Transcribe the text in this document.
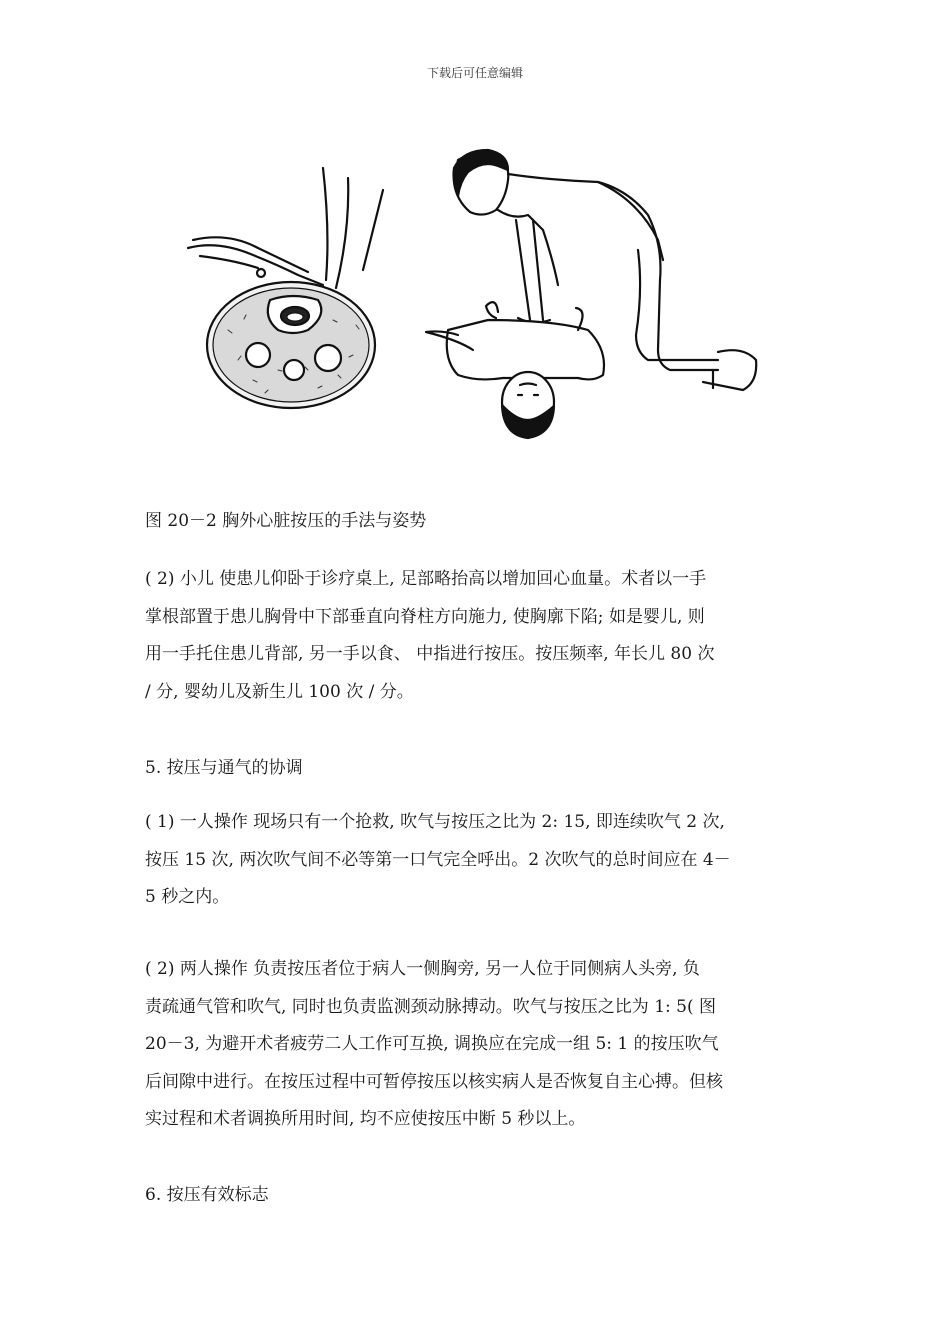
下载后可任意编辑
图 20－2 胸外心脏按压的手法与姿势
( 2) 小儿 使患儿仰卧于诊疗桌上, 足部略抬高以增加回心血量。术者以一手
掌根部置于患儿胸骨中下部垂直向脊柱方向施力, 使胸廓下陷; 如是婴儿, 则
用一手托住患儿背部, 另一手以食、 中指进行按压。按压频率, 年长儿 80 次
/ 分, 婴幼儿及新生儿 100 次 / 分。
5. 按压与通气的协调
( 1) 一人操作 现场只有一个抢救, 吹气与按压之比为 2: 15, 即连续吹气 2 次,
按压 15 次, 两次吹气间不必等第一口气完全呼出。2 次吹气的总时间应在 4－
5 秒之内。
( 2) 两人操作 负责按压者位于病人一侧胸旁, 另一人位于同侧病人头旁, 负
责疏通气管和吹气, 同时也负责监测颈动脉搏动。吹气与按压之比为 1: 5( 图
20－3, 为避开术者疲劳二人工作可互换, 调换应在完成一组 5: 1 的按压吹气
后间隙中进行。在按压过程中可暂停按压以核实病人是否恢复自主心搏。但核
实过程和术者调换所用时间, 均不应使按压中断 5 秒以上。
6. 按压有效标志
